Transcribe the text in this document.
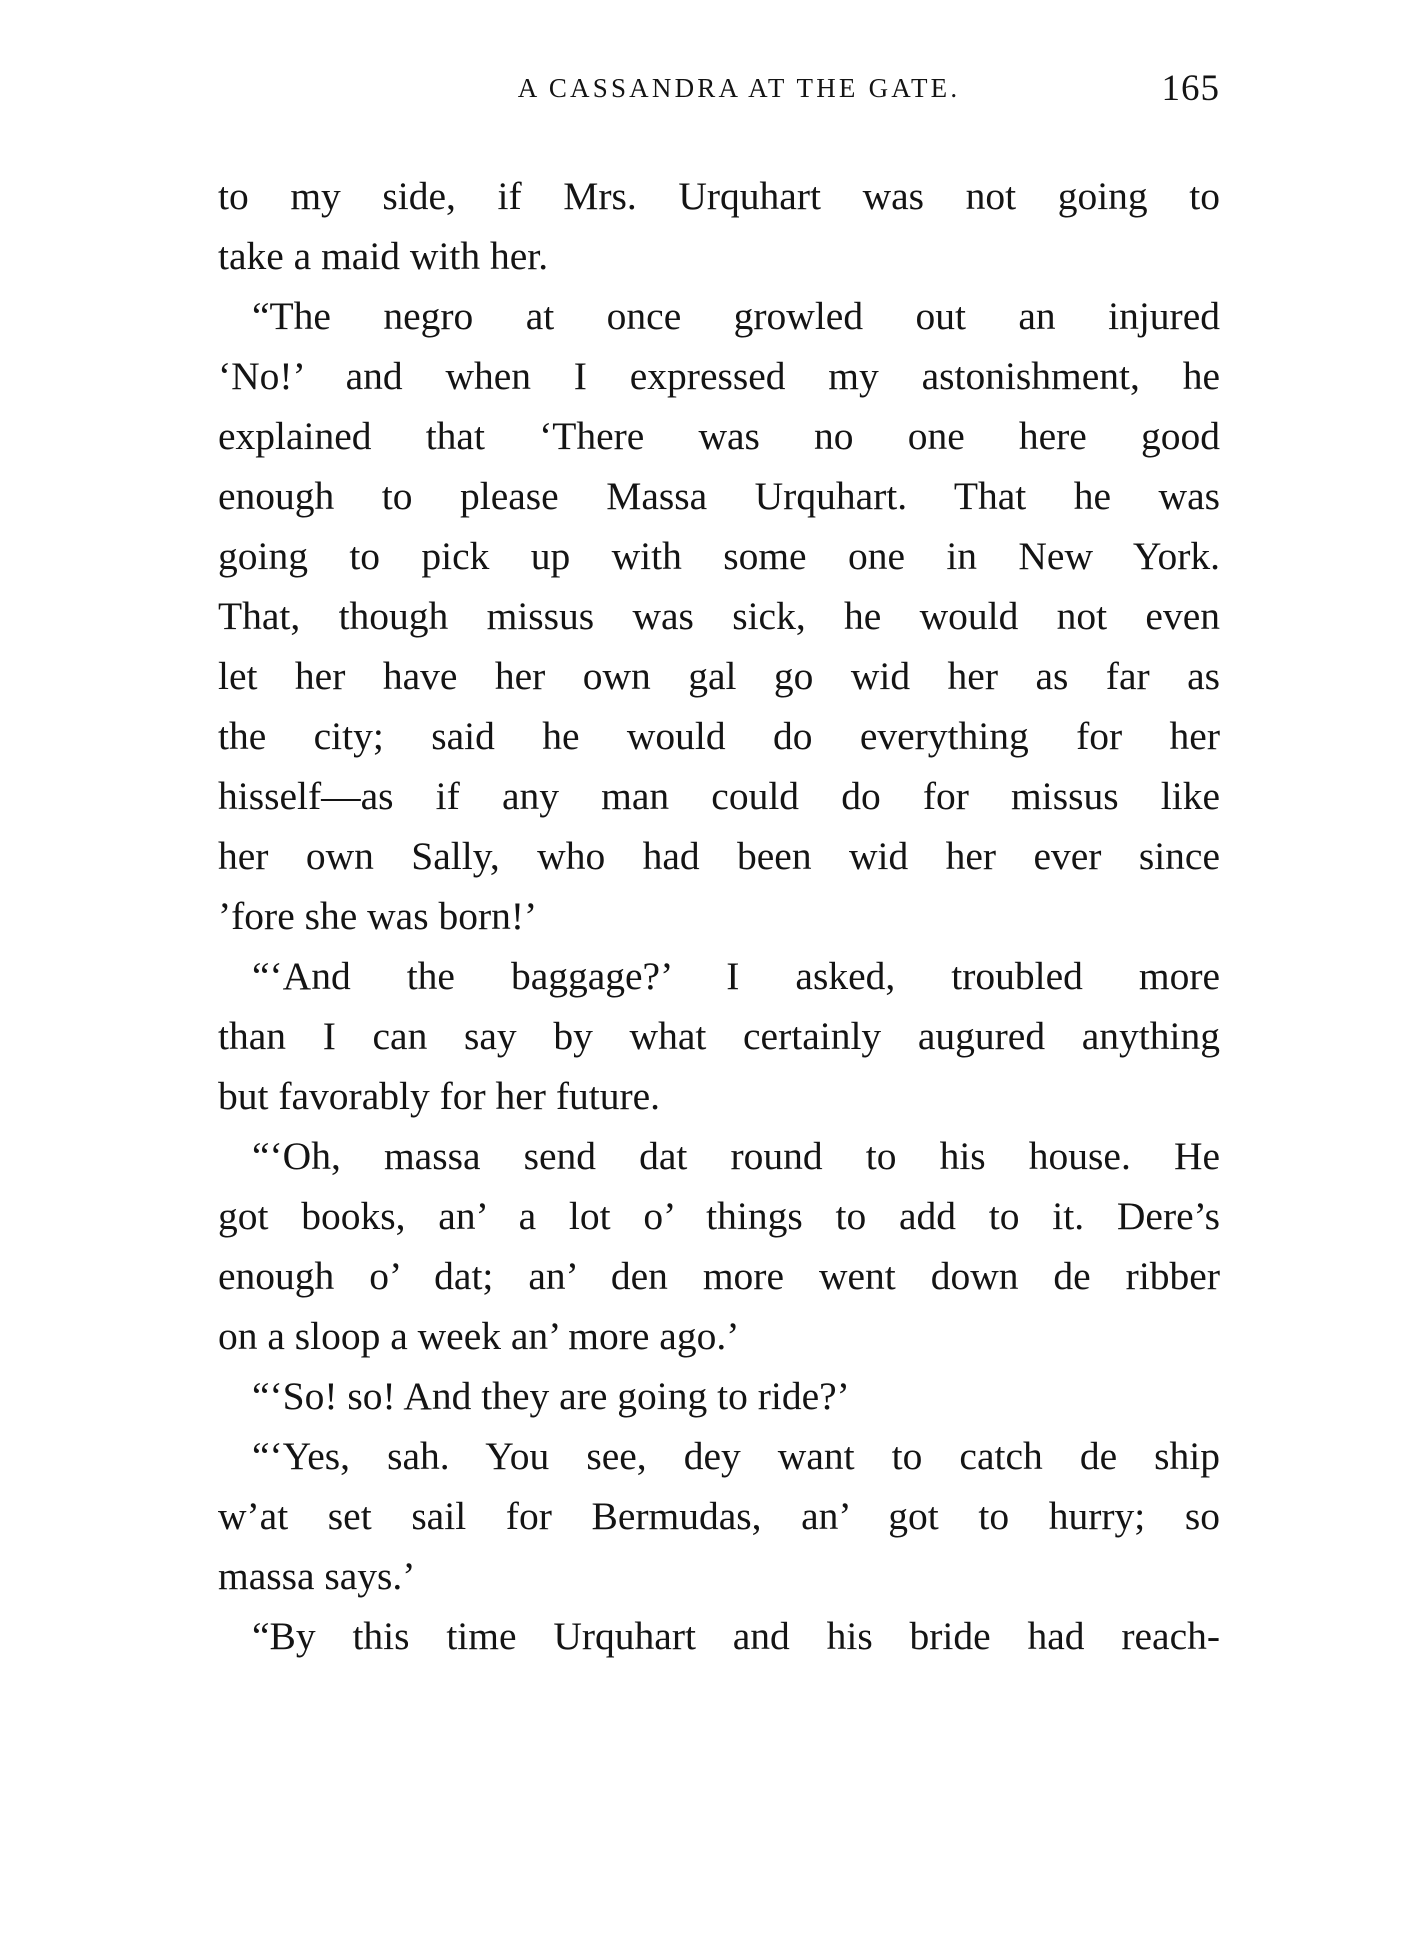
A CASSANDRA AT THE GATE.	165
to my side, if Mrs. Urquhart was not going to
take a maid with her.
“The negro at once growled out an injured
‘No!’ and when I expressed my astonishment, he
explained that ‘There was no one here good
enough to please Massa Urquhart. That he was
going to pick up with some one in New York.
That, though missus was sick, he would not even
let her have her own gal go wid her as far as
the city; said he would do everything for her
hisself—as if any man could do for missus like
her own Sally, who had been wid her ever since
’fore she was born!’
“‘And the baggage?’ I asked, troubled more
than I can say by what certainly augured anything
but favorably for her future.
“‘Oh, massa send dat round to his house. He
got books, an’ a lot o’ things to add to it. Dere’s
enough o’ dat; an’ den more went down de ribber
on a sloop a week an’ more ago.’
“‘So! so! And they are going to ride?’
“‘Yes, sah. You see, dey want to catch de ship
w’at set sail for Bermudas, an’ got to hurry; so
massa says.’
“By this time Urquhart and his bride had reach-
